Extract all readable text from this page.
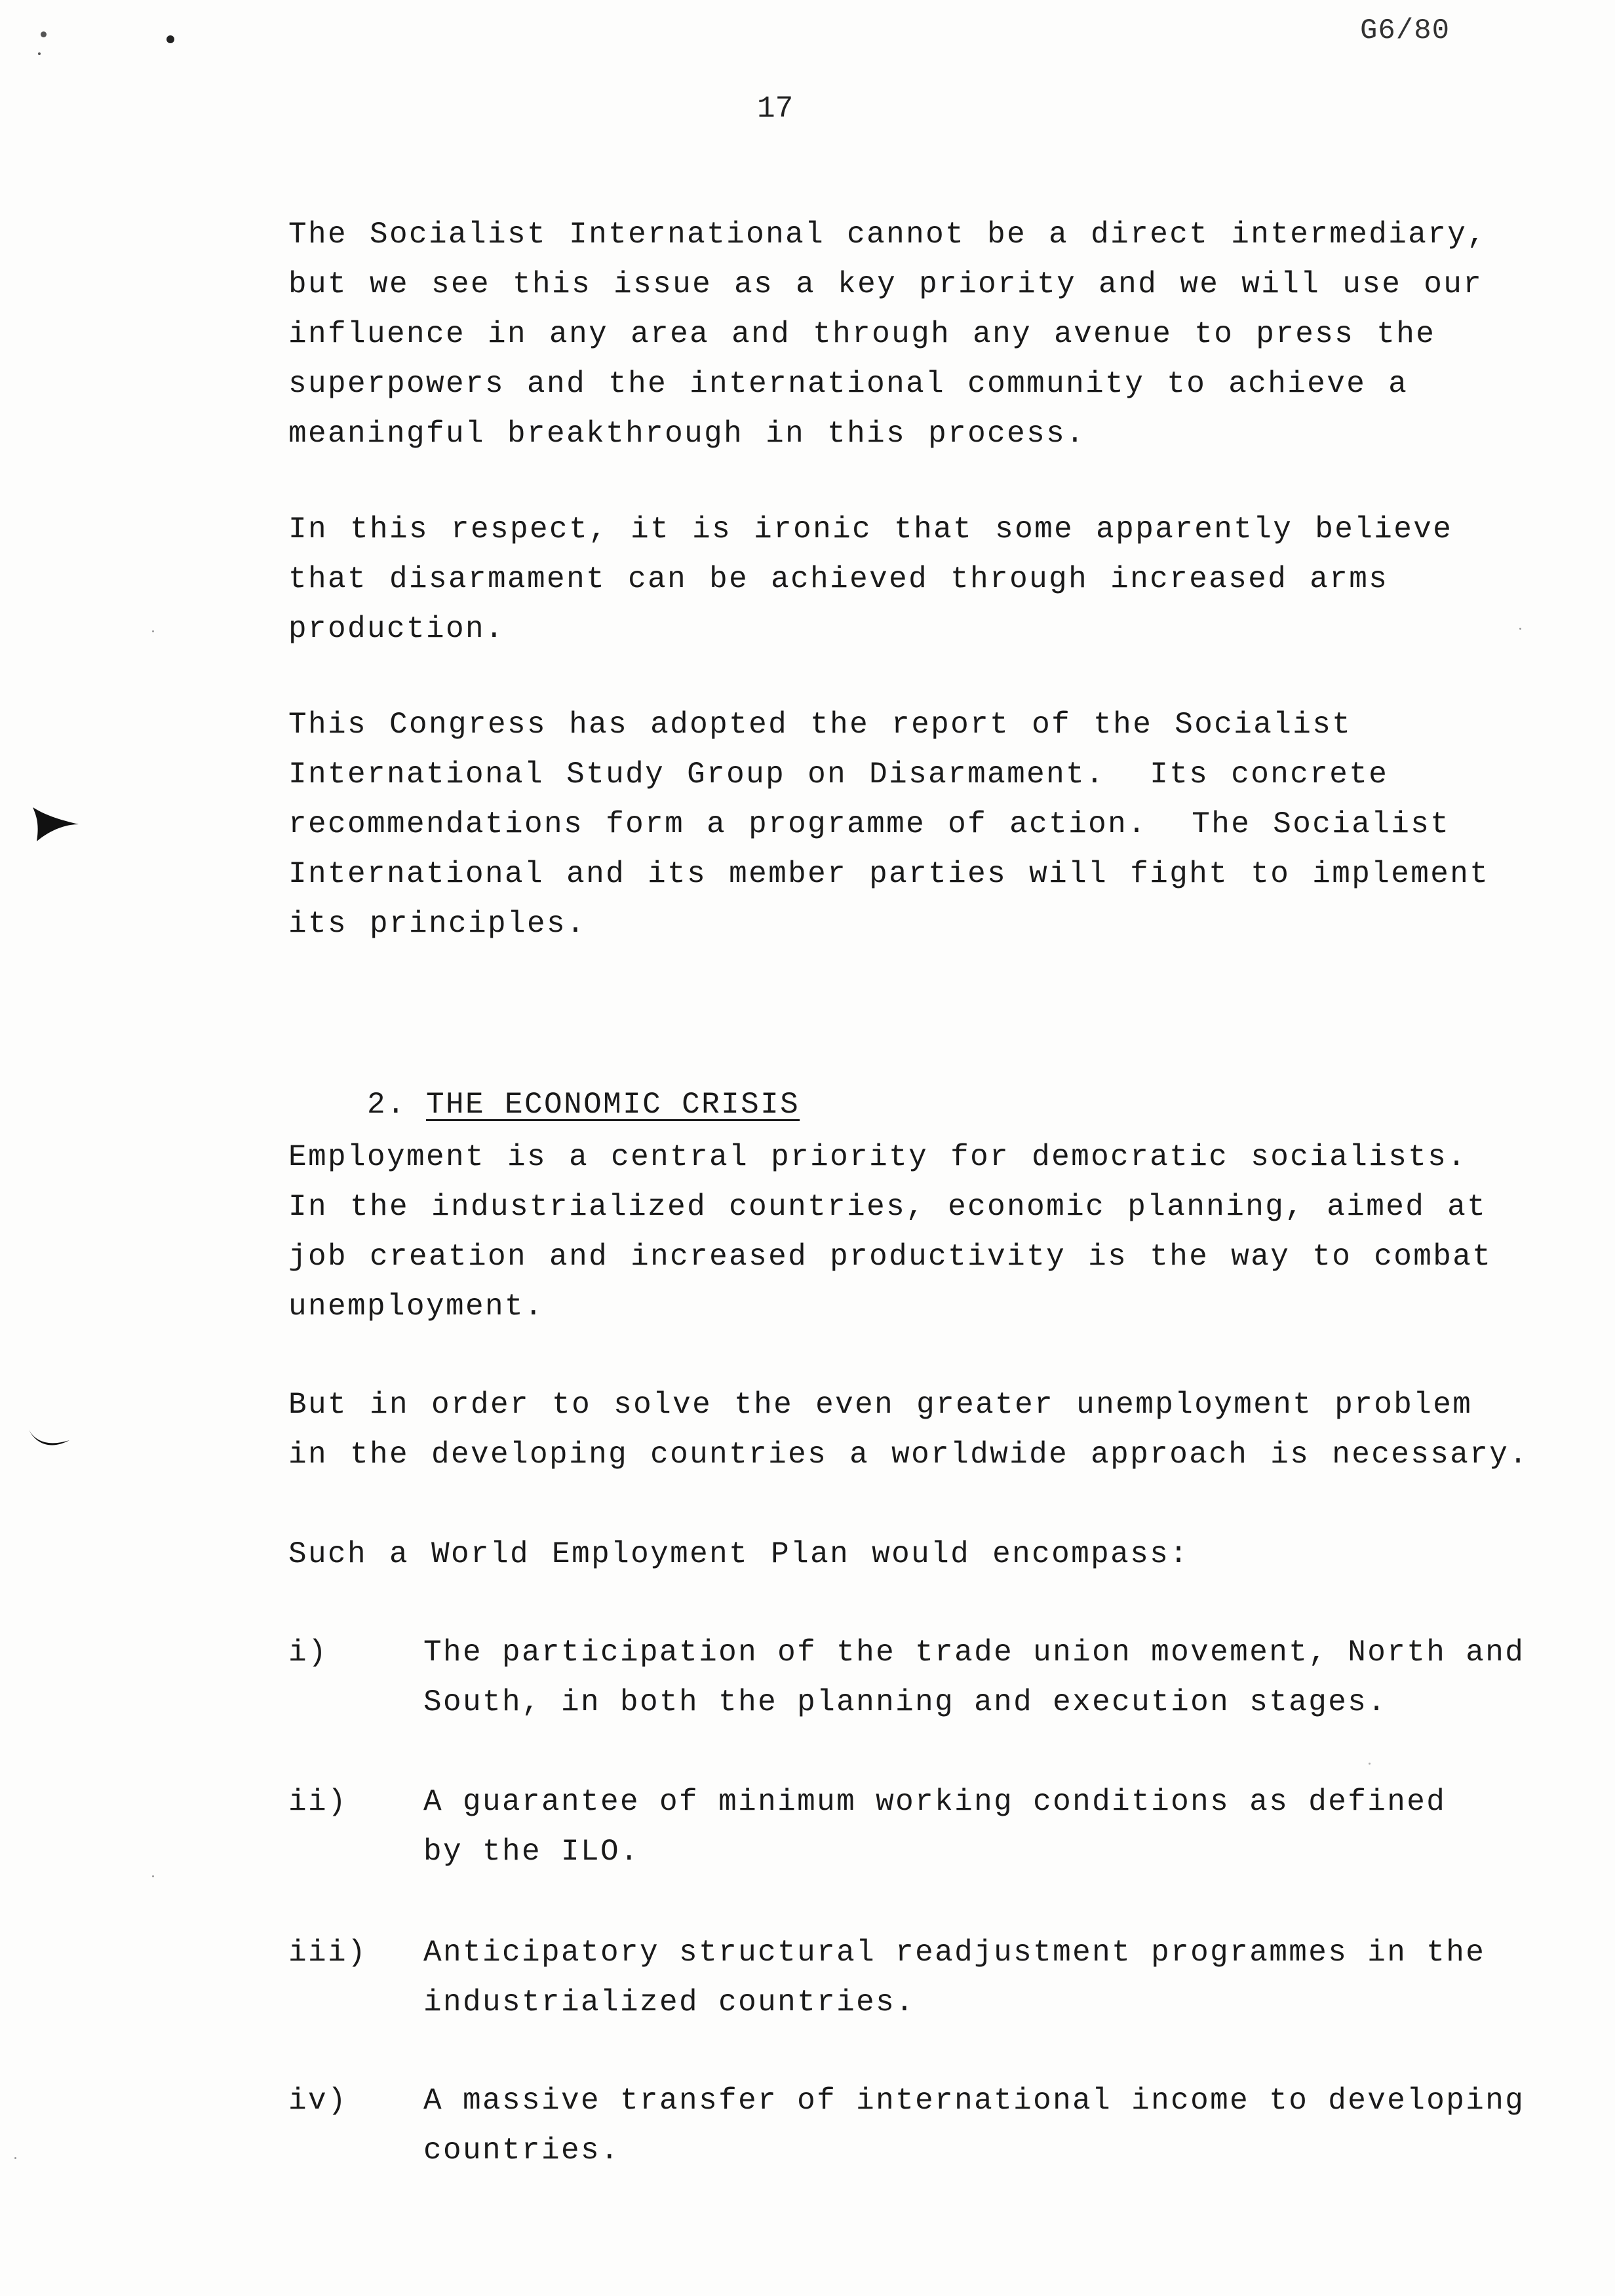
G6/80
17
The Socialist International cannot be a direct intermediary,
but we see this issue as a key priority and we will use our
influence in any area and through any avenue to press the
superpowers and the international community to achieve a
meaningful breakthrough in this process.
In this respect, it is ironic that some apparently believe
that disarmament can be achieved through increased arms
production.
This Congress has adopted the report of the Socialist
International Study Group on Disarmament.  Its concrete
recommendations form a programme of action.  The Socialist
International and its member parties will fight to implement
its principles.

2. THE ECONOMIC CRISIS

Employment is a central priority for democratic socialists.
In the industrialized countries, economic planning, aimed at
job creation and increased productivity is the way to combat
unemployment.
But in order to solve the even greater unemployment problem
in the developing countries a worldwide approach is necessary.
Such a World Employment Plan would encompass:
i)	The participation of the trade union movement, North and
South, in both the planning and execution stages.
ii)	A guarantee of minimum working conditions as defined
by the ILO.
iii) Anticipatory structural readjustment programmes in the
industrialized countries.
iv)	A massive transfer of international income to developing
countries.
